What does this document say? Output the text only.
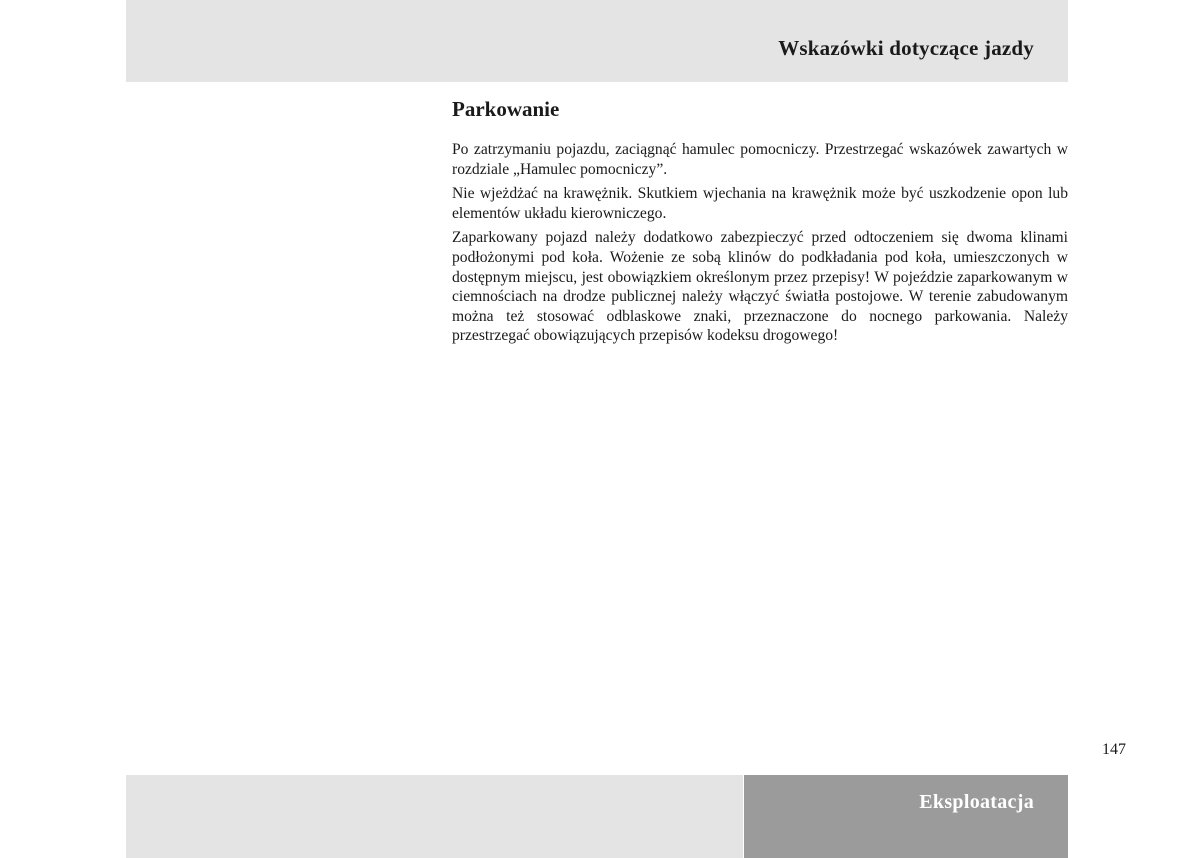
Wskazówki dotyczące jazdy
Parkowanie

Po zatrzymaniu pojazdu, zaciągnąć hamulec pomocniczy. Przestrzegać wskazówek zawartych w rozdziale „Hamulec pomocniczy”.

Nie wjeżdżać na krawężnik. Skutkiem wjechania na krawężnik może być uszkodzenie opon lub elementów układu kierowniczego.

Zaparkowany pojazd należy dodatkowo zabezpieczyć przed odtoczeniem się dwoma klinami podłożonymi pod koła. Wożenie ze sobą klinów do podkładania pod koła, umieszczonych w dostępnym miejscu, jest obowiązkiem określonym przez przepisy! W pojeździe zaparkowanym w ciemnościach na drodze publicznej należy włączyć światła postojowe. W terenie zabudowanym można też stosować odblaskowe znaki, przeznaczone do nocnego parkowania. Należy przestrzegać obowiązujących przepisów kodeksu drogowego!

147
Eksploatacja
